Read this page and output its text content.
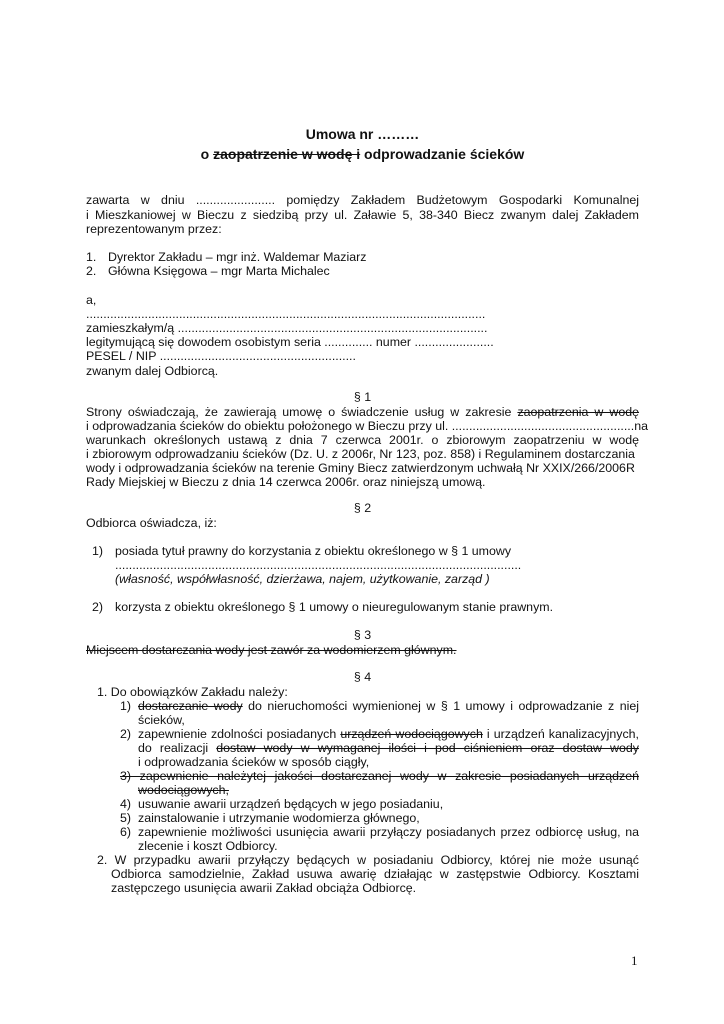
Umowa nr ………
o zaopatrzenie w wodę i odprowadzanie ścieków
zawarta w dniu ....................... pomiędzy Zakładem Budżetowym Gospodarki Komunalnej
i Mieszkaniowej w Bieczu z siedzibą przy ul. Załawie 5, 38-340 Biecz zwanym dalej Zakładem
reprezentowanym przez:
1. Dyrektor Zakładu – mgr inż. Waldemar Maziarz
2. Główna Księgowa – mgr Marta Michalec
a,
....................................................................................................................
zamieszkałym/ą ..........................................................................................
legitymującą się dowodem osobistym seria .............. numer .......................
PESEL / NIP .........................................................
zwanym dalej Odbiorcą.
§ 1
Strony oświadczają, że zawierają umowę o świadczenie usług w zakresie zaopatrzenia w wodę
i odprowadzania ścieków do obiektu położonego w Bieczu przy ul. .....................................................na
warunkach określonych ustawą z dnia 7 czerwca 2001r. o zbiorowym zaopatrzeniu w wodę
i zbiorowym odprowadzaniu ścieków (Dz. U. z 2006r, Nr 123, poz. 858) i Regulaminem dostarczania
wody i odprowadzania ścieków na terenie Gminy Biecz zatwierdzonym uchwałą Nr XXIX/266/2006R
Rady Miejskiej w Bieczu z dnia 14 czerwca 2006r. oraz niniejszą umową.
§ 2
Odbiorca oświadcza, iż:
1) posiada tytuł prawny do korzystania z obiektu określonego w § 1 umowy
......................................................................................................................
(własność, współwłasność, dzierżawa, najem, użytkowanie, zarząd )
2) korzysta z obiektu określonego § 1 umowy o nieuregulowanym stanie prawnym.
§ 3
Miejscem dostarczania wody jest zawór za wodomierzem głównym.
§ 4
1. Do obowiązków Zakładu należy:
1) dostarczanie wody do nieruchomości wymienionej w § 1 umowy i odprowadzanie z niej
ścieków,
2) zapewnienie zdolności posiadanych urządzeń wodociągowych i urządzeń kanalizacyjnych,
do realizacji dostaw wody w wymaganej ilości i pod ciśnieniem oraz dostaw wody
i odprowadzania ścieków w sposób ciągły,
3) zapewnienie należytej jakości dostarczanej wody w zakresie posiadanych urządzeń
wodociągowych,
4) usuwanie awarii urządzeń będących w jego posiadaniu,
5) zainstalowanie i utrzymanie wodomierza głównego,
6) zapewnienie możliwości usunięcia awarii przyłączy posiadanych przez odbiorcę usług, na
zlecenie i koszt Odbiorcy.
2. W przypadku awarii przyłączy będących w posiadaniu Odbiorcy, której nie może usunąć
Odbiorca samodzielnie, Zakład usuwa awarię działając w zastępstwie Odbiorcy. Kosztami
zastępczego usunięcia awarii Zakład obciąża Odbiorcę.
1
